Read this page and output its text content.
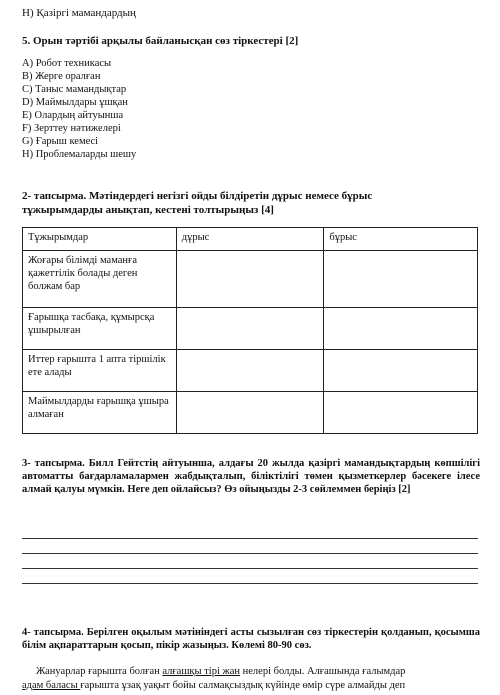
H) Қазіргі мамандардың
5. Орын тәртібі арқылы байланысқан сөз тіркестері [2]
A) Робот техникасы
B) Жерге оралған
C) Таныс мамандықтар
D) Маймылдары ұшқан
E) Олардың айтуынша
F) Зерттеу нәтижелері
G) Ғарыш кемесі
H) Проблемаларды шешу
2- тапсырма. Мәтіндердегі негізгі ойды білдіретін дұрыс немесе бұрыс
тұжырымдарды анықтап, кестені толтырыңыз [4]
Тұжырымдар	дұрыс	бұрыс
Жоғары білімді маманға қажеттілік болады деген болжам бар		
Ғарышқа тасбақа, құмырсқа ұшырылған		
Иттер ғарышта 1 апта тіршілік ете алады		
Маймылдарды ғарышқа ұшыра алмаған		
3- тапсырма. Билл Гейтстің айтуынша, алдағы 20 жылда қазіргі мамандықтардың көпшілігі автоматты бағдарламалармен жабдықталып, біліктілігі төмен қызметкерлер бәсекеге ілесе алмай қалуы мүмкін. Неге деп ойлайсыз? Өз ойыңызды 2-3 сөйлеммен беріңіз [2]
4- тапсырма. Берілген оқылым мәтініндегі асты сызылған сөз тіркестерін қолданып, қосымша білім ақпараттарын қосып, пікір жазыңыз. Көлемі 80-90 сөз.
Жануарлар ғарышта болған алғашқы тірі жан нелері болды. Алғашында ғалымдар
адам баласы ғарышта ұзақ уақыт бойы салмақсыздық күйінде өмір сүре алмайды деп
